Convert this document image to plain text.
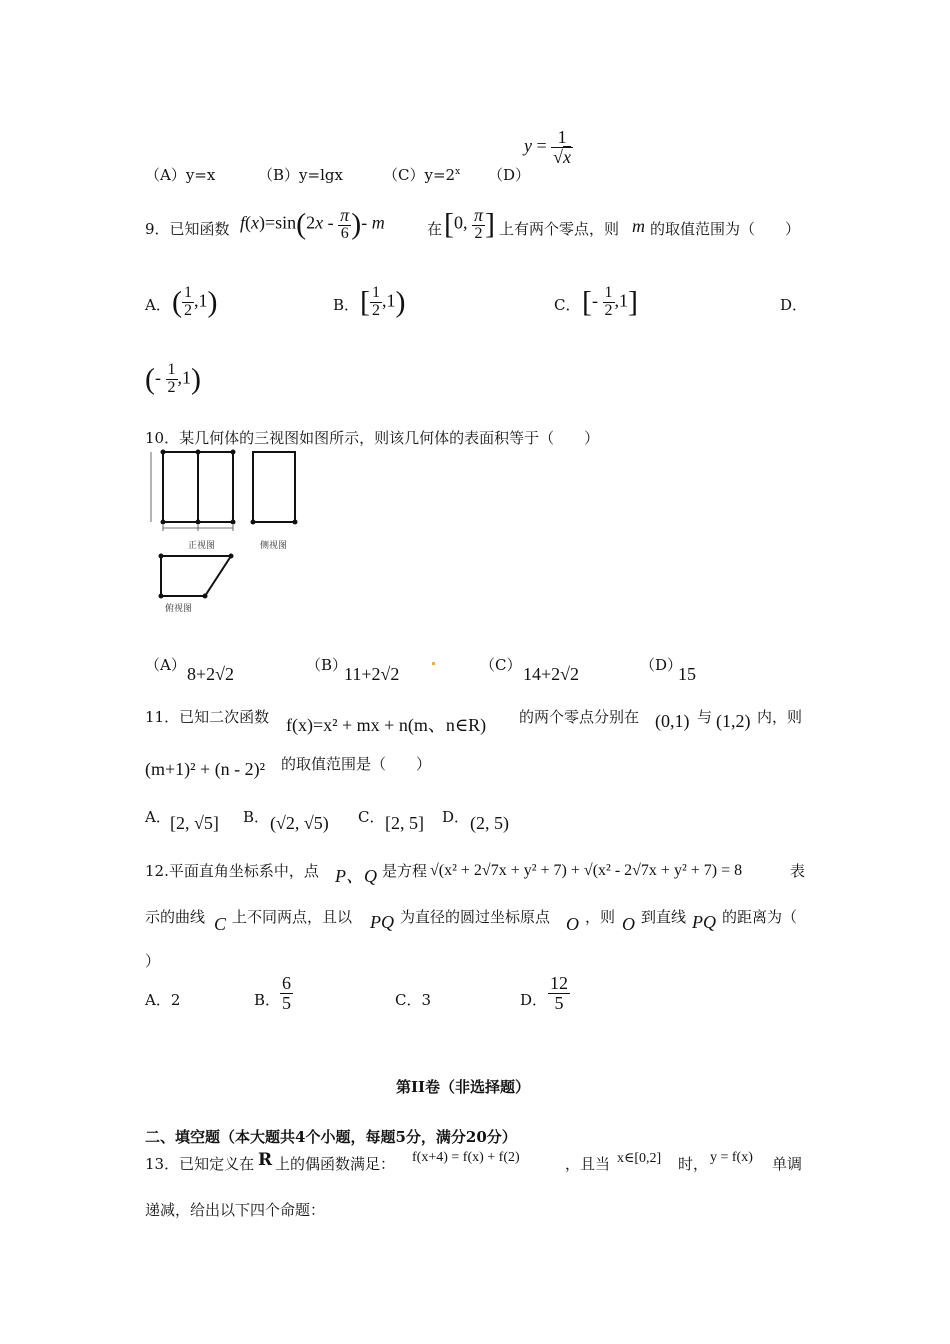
（A）y=x	（B）y=lgx	$(C)y=2^x$ （D）
$y = \frac{1}{√x}$
9．已知函数 $f(x)=\sin(2x - \frac{\pi}{6}$ )- m	在 [0, $\frac{\pi}{2}$ ] 上有两个零点，则 m 的取值范围为（　　）
A． ( $\frac{1}{2} ,1$)	B． [ $\frac{1}{2} ,1$)	C． [- $\frac{1}{2} ,1$]	D．
(- $\frac{1}{2} ,1$)
10．某几何体的三视图如图所示，则该几何体的表面积等于（　　）
正视图	侧视图
俯视图
（A） 8+2√2	（B）
11+2√2	（C） 14+2√2	（D）
15
11．已知二次函数 f(x)=x² + mx + n(m、n∈R) 的两个零点分别在 (0,1) 与 (1,2) 内，则
(m+1)² + (n - 2)² 的取值范围是（　　）
A． [2, √5] B． (√2, √5) C． [2, 5] D． (2, 5)
12.平面直角坐标系中，点 P、Q 是方程 √(x² + 2√7x + y² + 7) + √(x² - 2√7x + y² + 7) = 8	表
示的曲线 C 上不同两点，且以 PQ 为直径的圆过坐标原点 O ，则 O 到直线 PQ 的距离为（
）
A．2	B． $\frac{6}{5}$	C．3	D． $\frac{12}{5}$
第II卷（非选择题）
二、填空题（本大题共4个小题，每题5分，满分20分）
13．已知定义在 R 上的偶函数满足： f(x+4) = f(x) + f(2)	，且当 x∈[0,2] 时， y = f(x) 单调
递减，给出以下四个命题：
